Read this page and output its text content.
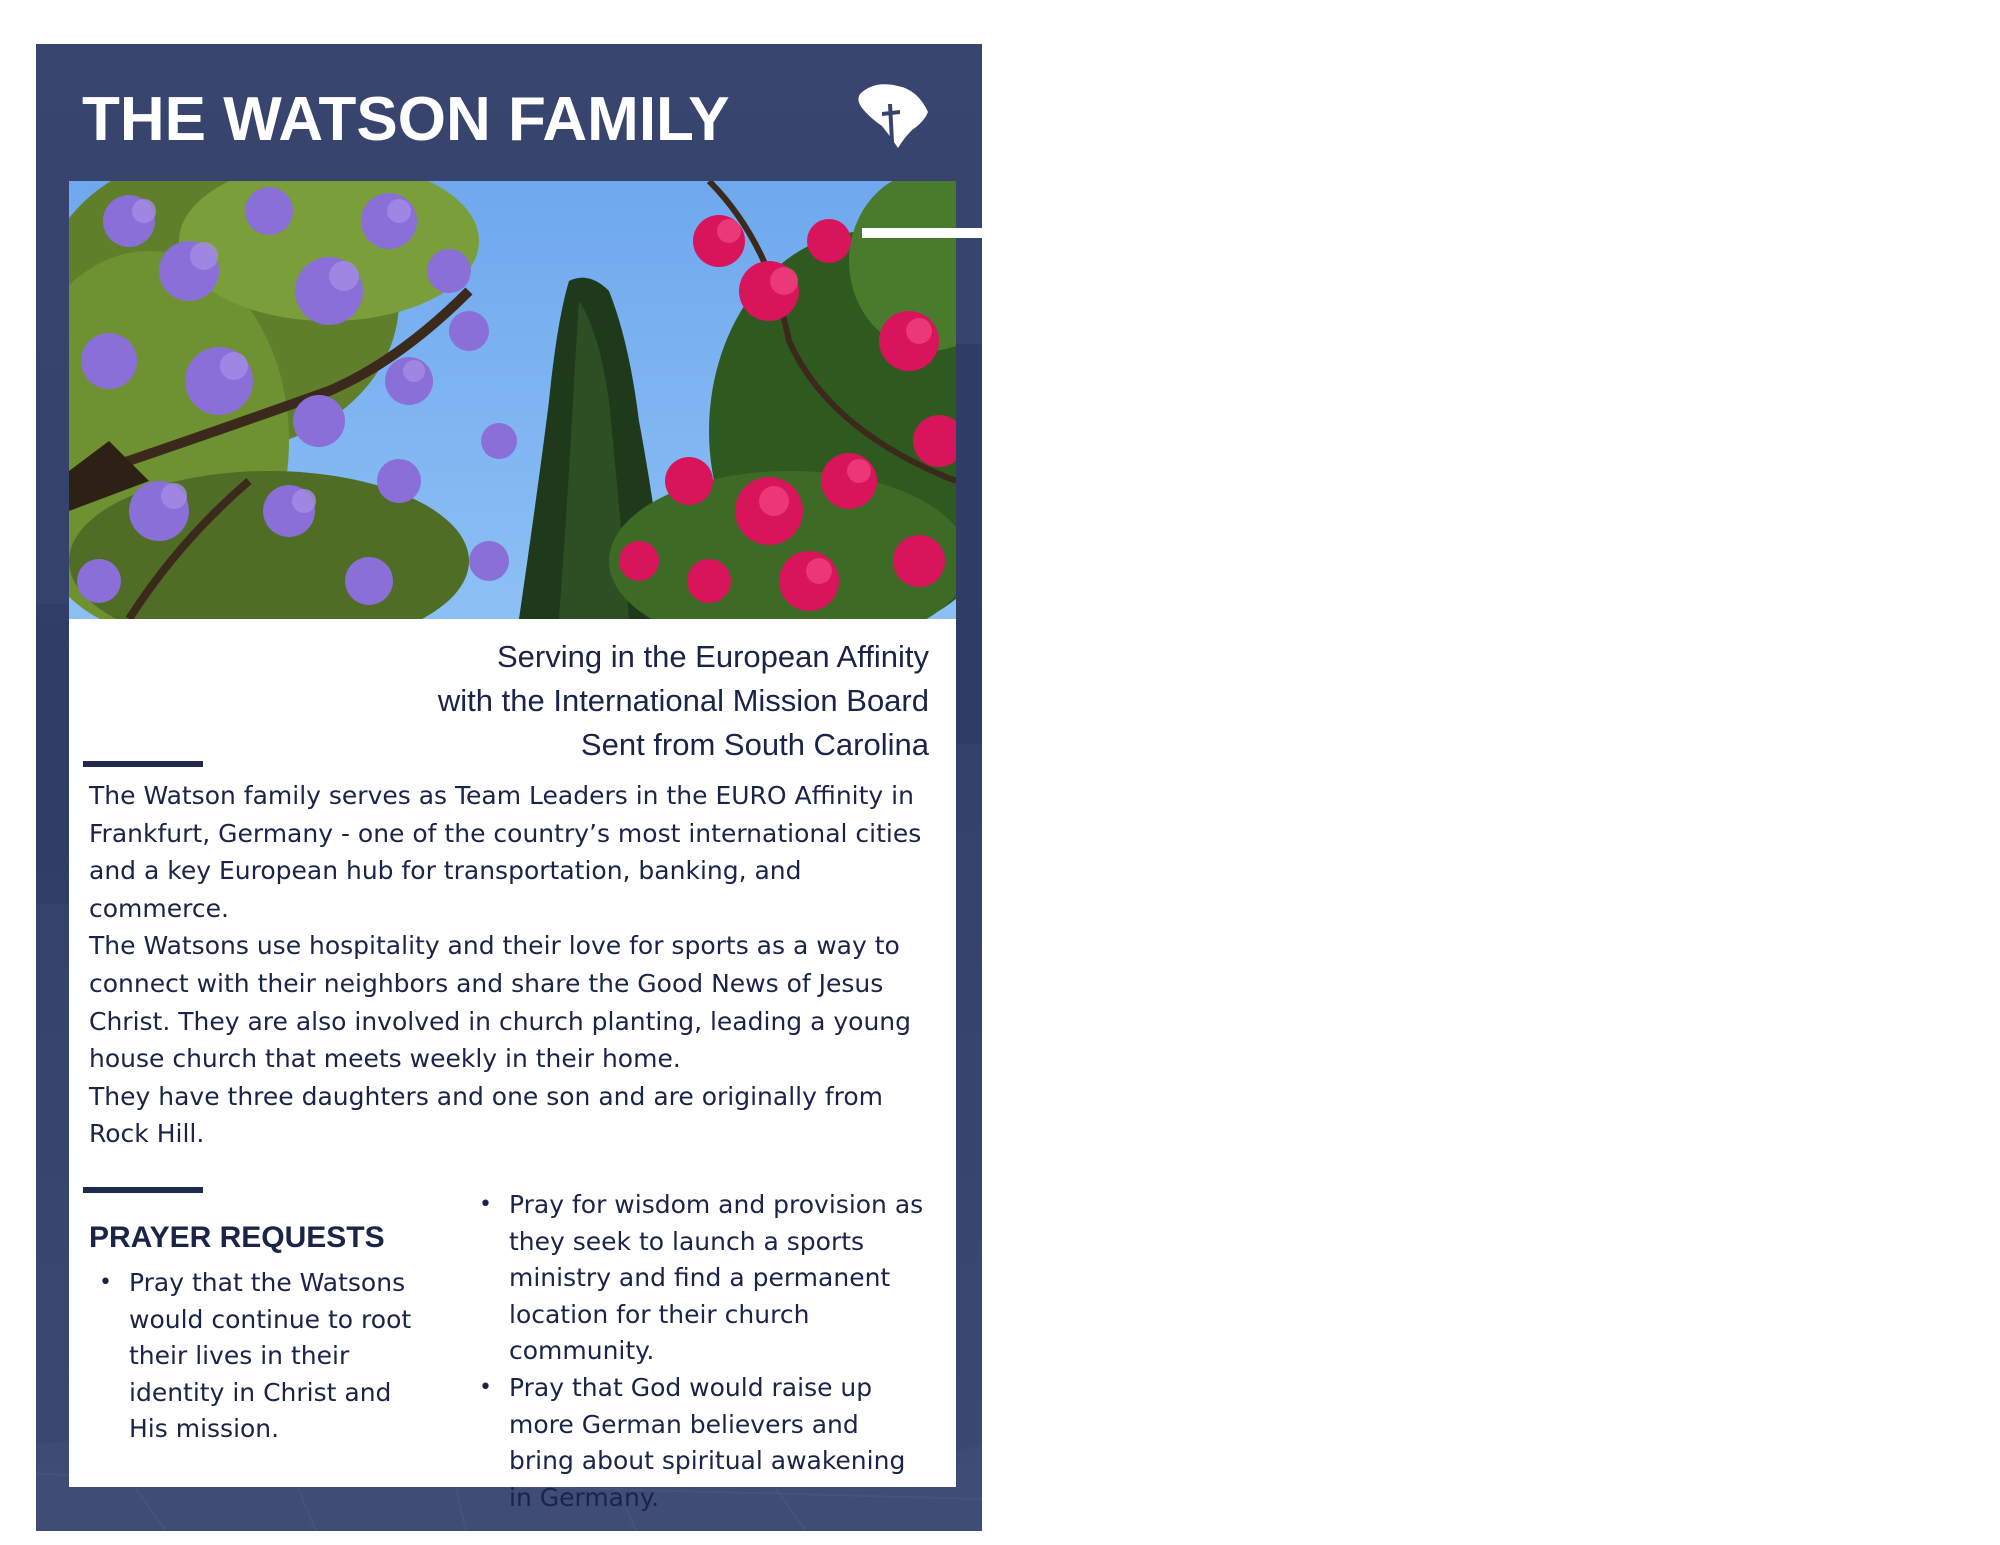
THE WATSON FAMILY
Serving in the European Affinity
with the International Mission Board
Sent from South Carolina

The Watson family serves as Team Leaders in the EURO Affinity in Frankfurt, Germany - one of the country’s most international cities and a key European hub for transportation, banking, and commerce.

The Watsons use hospitality and their love for sports as a way to connect with their neighbors and share the Good News of Jesus Christ. They are also involved in church planting, leading a young house church that meets weekly in their home.

They have three daughters and one son and are originally from Rock Hill.

PRAYER REQUESTS
• Pray that the Watsons would continue to root their lives in their identity in Christ and His mission.
• Pray for wisdom and provision as they seek to launch a sports ministry and find a permanent location for their church community.
• Pray that God would raise up more German believers and bring about spiritual awakening in Germany.
